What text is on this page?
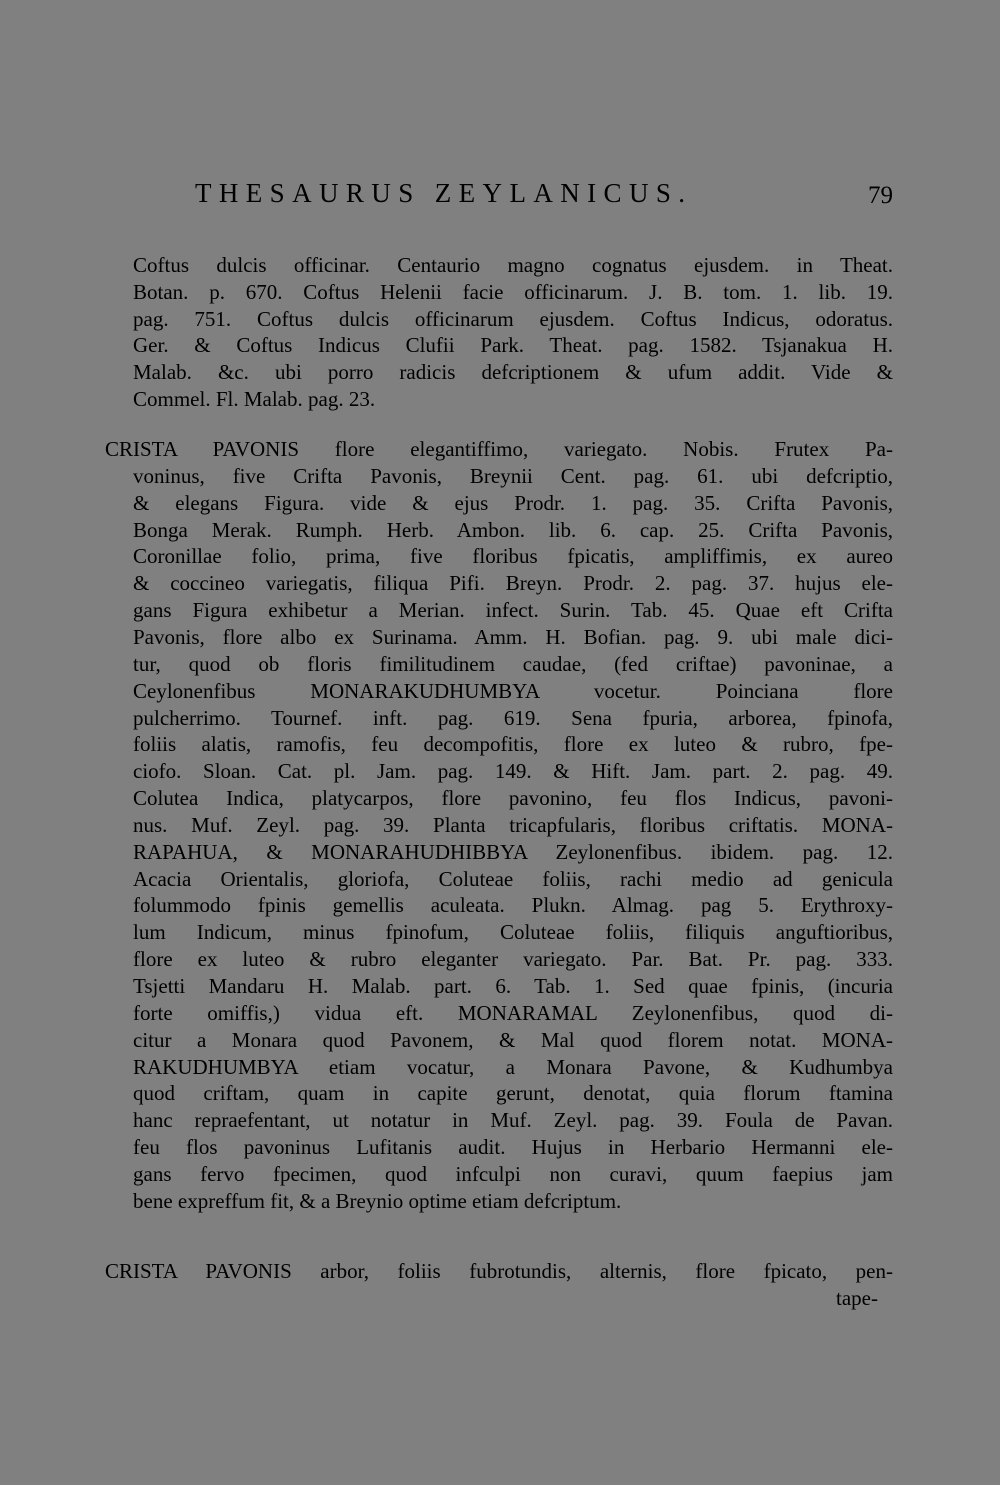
THESAURUS ZEYLANICUS.	79
Coftus dulcis officinar. Centaurio magno cognatus ejusdem. in Theat.
Botan. p. 670. Coftus Helenii facie officinarum. J. B. tom. 1. lib. 19.
pag. 751. Coftus dulcis officinarum ejusdem. Coftus Indicus, odoratus.
Ger. & Coftus Indicus Clufii Park. Theat. pag. 1582. Tsjanakua H.
Malab. &c. ubi porro radicis defcriptionem & ufum addit. Vide &
Commel. Fl. Malab. pag. 23.
CRISTA PAVONIS flore elegantiffimo, variegato. Nobis. Frutex Pa-
voninus, five Crifta Pavonis, Breynii Cent. pag. 61. ubi defcriptio,
& elegans Figura. vide & ejus Prodr. 1. pag. 35. Crifta Pavonis,
Bonga Merak. Rumph. Herb. Ambon. lib. 6. cap. 25. Crifta Pavonis,
Coronillae folio, prima, five floribus fpicatis, ampliffimis, ex aureo
& coccineo variegatis, filiqua Pifi. Breyn. Prodr. 2. pag. 37. hujus ele-
gans Figura exhibetur a Merian. infect. Surin. Tab. 45. Quae eft Crifta
Pavonis, flore albo ex Surinama. Amm. H. Bofian. pag. 9. ubi male dici-
tur, quod ob floris fimilitudinem caudae, (fed criftae) pavoninae, a
Ceylonenfibus MONARAKUDHUMBYA vocetur. Poinciana flore
pulcherrimo. Tournef. inft. pag. 619. Sena fpuria, arborea, fpinofa,
foliis alatis, ramofis, feu decompofitis, flore ex luteo & rubro, fpe-
ciofo. Sloan. Cat. pl. Jam. pag. 149. & Hift. Jam. part. 2. pag. 49.
Colutea Indica, platycarpos, flore pavonino, feu flos Indicus, pavoni-
nus. Muf. Zeyl. pag. 39. Planta tricapfularis, floribus criftatis. MONA-
RAPAHUA, & MONARAHUDHIBBYA Zeylonenfibus. ibidem. pag. 12.
Acacia Orientalis, gloriofa, Coluteae foliis, rachi medio ad genicula
folummodo fpinis gemellis aculeata. Plukn. Almag. pag 5. Erythroxy-
lum Indicum, minus fpinofum, Coluteae foliis, filiquis anguftioribus,
flore ex luteo & rubro eleganter variegato. Par. Bat. Pr. pag. 333.
Tsjetti Mandaru H. Malab. part. 6. Tab. 1. Sed quae fpinis, (incuria
forte omiffis,) vidua eft. MONARAMAL Zeylonenfibus, quod di-
citur a Monara quod Pavonem, & Mal quod florem notat. MONA-
RAKUDHUMBYA etiam vocatur, a Monara Pavone, & Kudhumbya
quod criftam, quam in capite gerunt, denotat, quia florum ftamina
hanc repraefentant, ut notatur in Muf. Zeyl. pag. 39. Foula de Pavan.
feu flos pavoninus Lufitanis audit. Hujus in Herbario Hermanni ele-
gans fervo fpecimen, quod infculpi non curavi, quum faepius jam
bene expreffum fit, & a Breynio optime etiam defcriptum.
CRISTA PAVONIS arbor, foliis fubrotundis, alternis, flore fpicato, pen-
tape-
